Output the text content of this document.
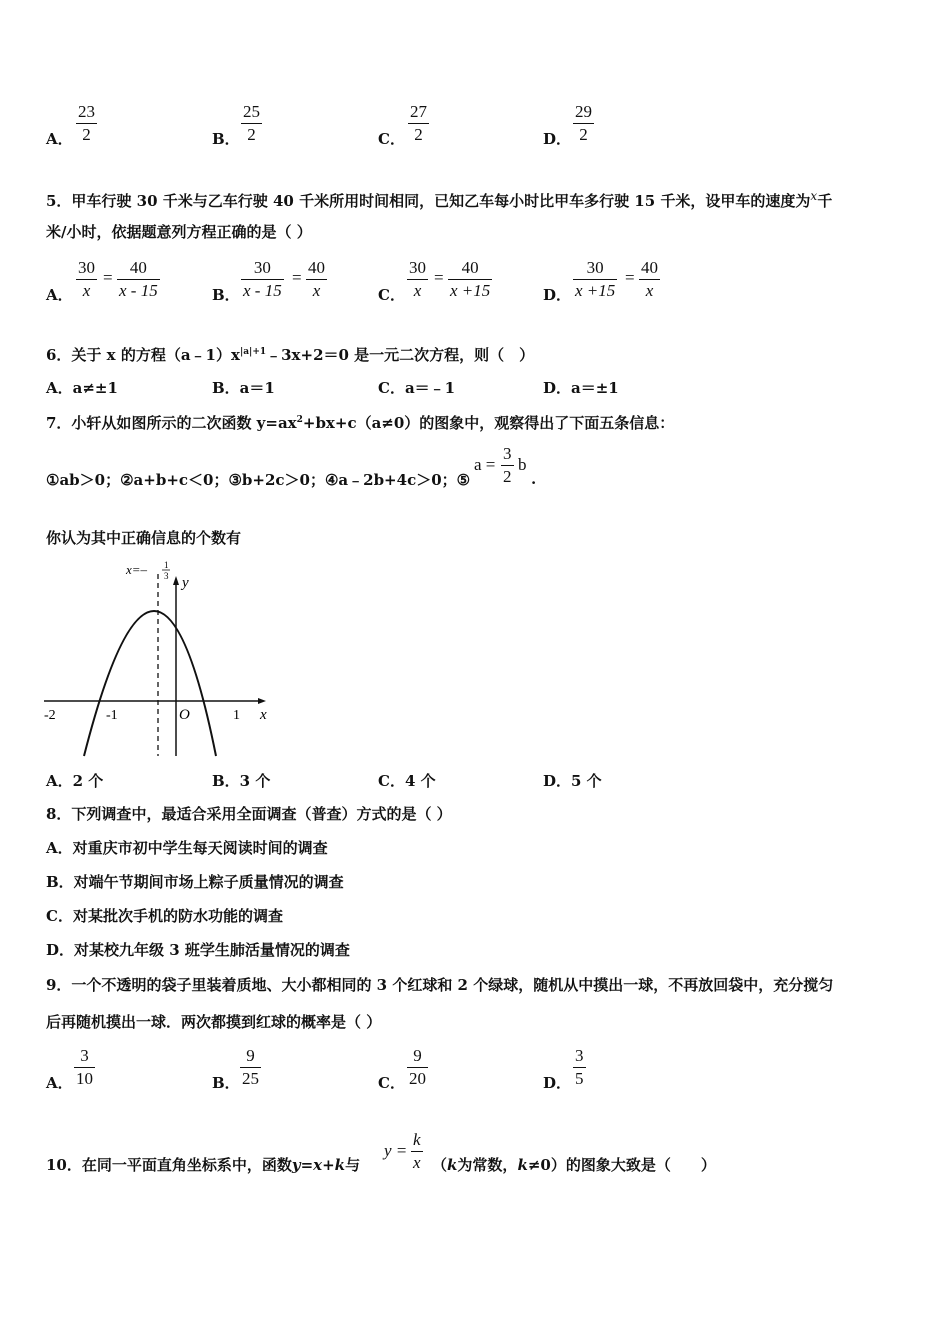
A．
23
2	B．
25
2	C．
27
2	D．
29
2
5．甲车行驶 30 千米与乙车行驶 40 千米所用时间相同，已知乙车每小时比甲车多行驶 15 千米，设甲车的速度为$^x$千
米/小时，依据题意列方程正确的是（ ）
A．
30
x
=
40
x - 15	B．
30
x - 15
=
40
x	C．
30
x
=
40
x +15	D．
30
x +15
=
40
x
6．关于 x 的方程$(a﹣1)x^{|a|+1}﹣3x+2=0$ 是一元二次方程，则（　）
A．a≠±1	B．a＝1	C．a＝﹣1	D．a＝±1
7．小轩从如图所示的二次函数 $y=ax^2+bx+c(a\ne 0)$的图象中，观察得出了下面五条信息：
①ab＞0；②a+b+c＜0；③b+2c＞0；④a﹣2b+4c＞0；⑤
a =
3
2
b
.
你认为其中正确信息的个数有
x=– 1
3 y
x
O
-2	-1	1
A．2 个	B．3 个	C．4 个	D．5 个
8．下列调查中，最适合采用全面调查（普查）方式的是（ ）
A．对重庆市初中学生每天阅读时间的调查
B．对端午节期间市场上粽子质量情况的调查
C．对某批次手机的防水功能的调查
D．对某校九年级 3 班学生肺活量情况的调查
9．一个不透明的袋子里装着质地、大小都相同的 3 个红球和 2 个绿球，随机从中摸出一球，不再放回袋中，充分搅匀
后再随机摸出一球．两次都摸到红球的概率是（ ）
A．
3
10	B．
9
25	C．
9
20	D．
3
5
10．在同一平面直角坐标系中，函数y=x+k与
y =
k
x （k为常数，k≠0）的图象大致是（　　）
